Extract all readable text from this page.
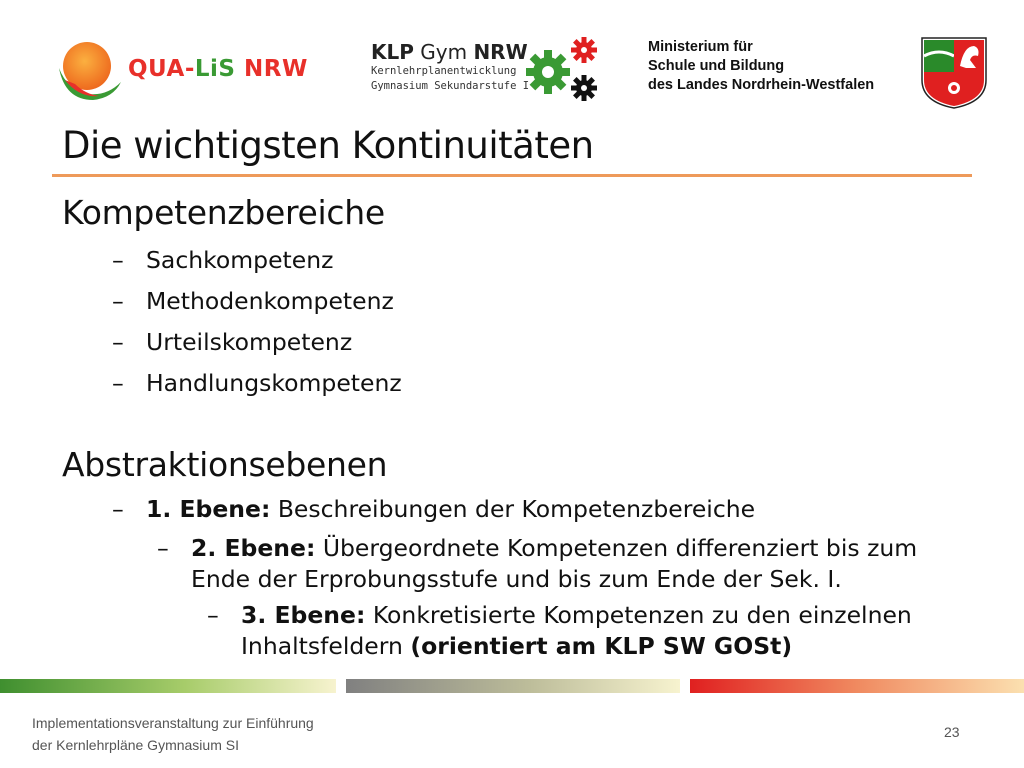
QUA-LiS NRW
KLP Gym NRW
Kernlehrplanentwicklung
Gymnasium Sekundarstufe I
Ministerium für
Schule und Bildung
des Landes Nordrhein-Westfalen
Die wichtigsten Kontinuitäten
Kompetenzbereiche
– Sachkompetenz
– Methodenkompetenz
– Urteilskompetenz
– Handlungskompetenz
Abstraktionsebenen
– 1. Ebene: Beschreibungen der Kompetenzbereiche
– 2. Ebene: Übergeordnete Kompetenzen differenziert bis zum
Ende der Erprobungsstufe und bis zum Ende der Sek. I.
– 3. Ebene: Konkretisierte Kompetenzen zu den einzelnen
Inhaltsfeldern (orientiert am KLP SW GOSt)
Implementationsveranstaltung zur Einführung
der Kernlehrpläne Gymnasium SI
23
